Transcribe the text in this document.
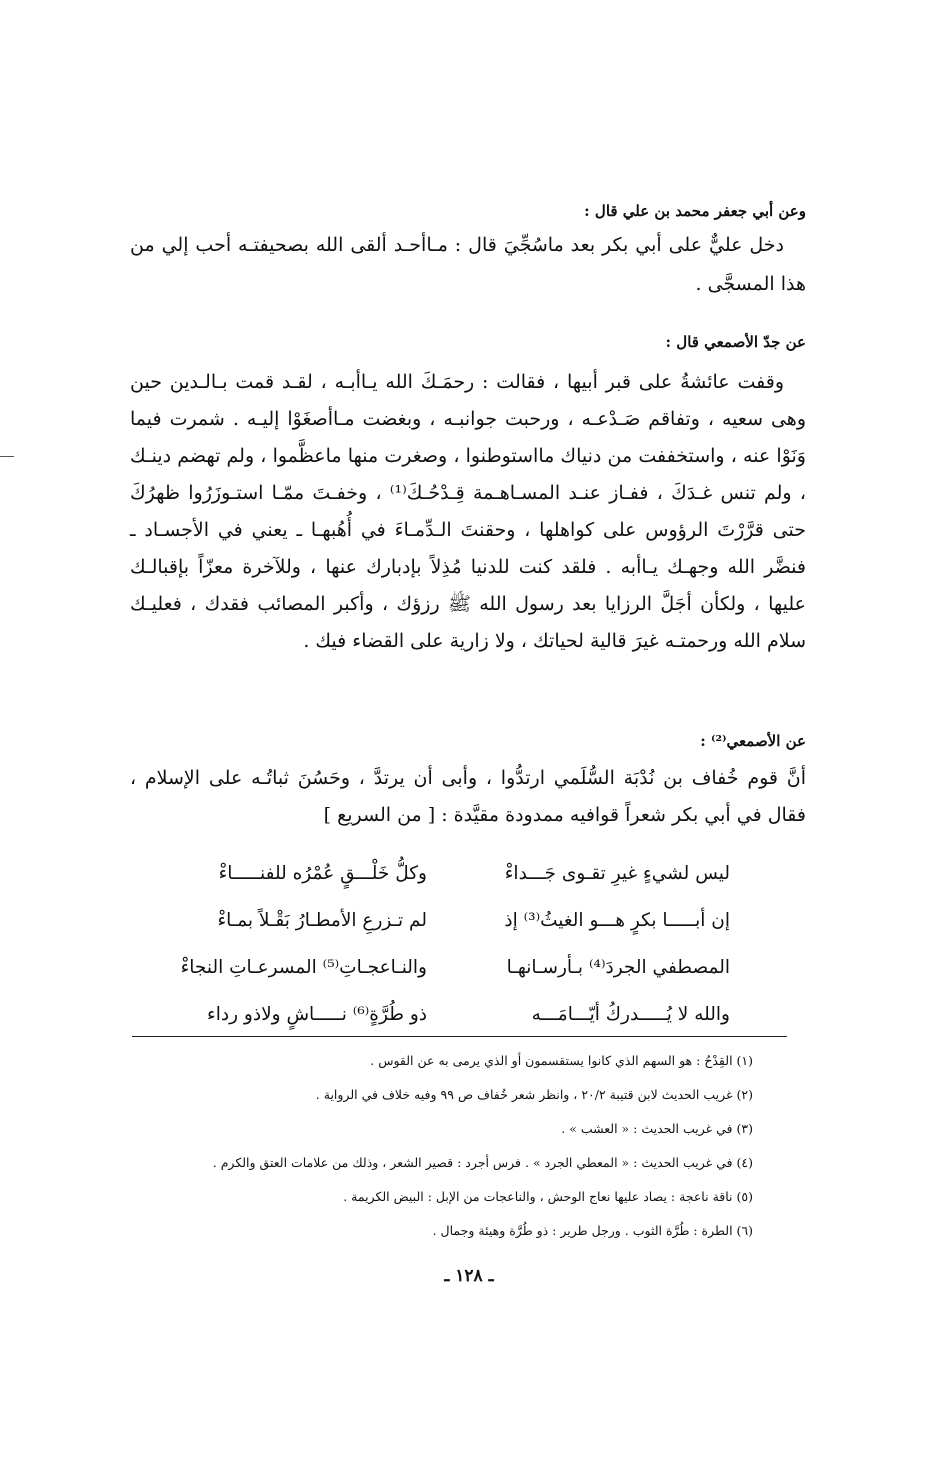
وعن أبي جعفر محمد بن علي قال :
دخل عليٌّ على أبي بكر بعد ماسُجِّيَ قال : مـاأحـد ألقى الله بصحيفتـه أحب إلي من هذا المسجَّى .
عن جدّ الأصمعي قال :
وقفت عائشةُ على قبر أبيها ، فقالت : رحمَـكَ الله يـاأبـه ، لقـد قمت بـالـدين حين وهى سعيه ، وتفاقم صَـدْعـه ، ورحبت جوانبـه ، وبغضت مـاأصغَوْا إليـه . شمرت فيما وَنَوْا عنه ، واستخففت من دنياك مااستوطنوا ، وصغرت منها ماعظَّموا ، ولم تهضم دينـك ، ولم تنس غـدَكَ ، ففـاز عنـد المسـاهـمة قِـدْحُـكَ⁽¹⁾ ، وخفـتَ ممّـا استـوزَرُوا ظهرُكَ حتى قرَّرْتَ الرؤوس على كواهلها ، وحقنتَ الـدِّمـاءَ في أُهُبهـا ـ يعني في الأجسـاد ـ فنضَّر الله وجهـك يـاأبه . فلقد كنت للدنيا مُذِلاً بإدبارك عنها ، وللآخرة معزّاً بإقبالـك عليها ، ولكأن أجَلَّ الرزايا بعد رسول الله ﷺ رزؤك ، وأكبر المصائب فقدك ، فعليـك سلام الله ورحمتـه غيرَ قالية لحياتك ، ولا زارية على القضاء فيك .
عن الأصمعي⁽²⁾ :
أنَّ قوم خُفاف بن نُدْبَة السُّلَمي ارتدُّوا ، وأبى أن يرتدَّ ، وحَسُنَ ثباتُـه على الإسلام ، فقال في أبي بكر شعراً قوافيه ممدودة مقيَّدة : [ من السريع ]
ليس لشيءٍ غيرِ تقـوى جَـــداءْ
وكلُّ خَلْـــقٍ عُمْرُه للفنـــــاءْ
إن أبـــــا بكرٍ هـــو الغيثُ⁽³⁾ إذ
لم تـزرعِ الأمطـارُ بَقْـلاً بمـاءْ
المصطفي الجردَ⁽⁴⁾ بـأرسـانهـا
والنـاعجـاتِ⁽⁵⁾ المسرعـاتِ النجاءْ
والله لا يُـــــدركُ أيّـــامَـــه
ذو طُرَّةٍ⁽⁶⁾ نـــــاشٍ ولاذو رداء
(١) القِدْحُ : هو السهم الذي كانوا يستقسمون أو الذي يرمى به عن القوس .
(٢) غريب الحديث لابن قتيبة ٢٠/٢ ، وانظر شعر خُفاف ص ٩٩ وفيه خلاف في الرواية .
(٣) في غريب الحديث : « العشب » .
(٤) في غريب الحديث : « المعطي الجرد » . فرس أجرد : قصير الشعر ، وذلك من علامات العتق والكرم .
(٥) ناقة ناعجة : يصاد عليها نعاج الوحش ، والناعجات من الإبل : البيض الكريمة .
(٦) الطرة : طُرَّة الثوب . ورجل طرير : ذو طُرَّة وهيئة وجمال .
ـ ١٢٨ ـ
